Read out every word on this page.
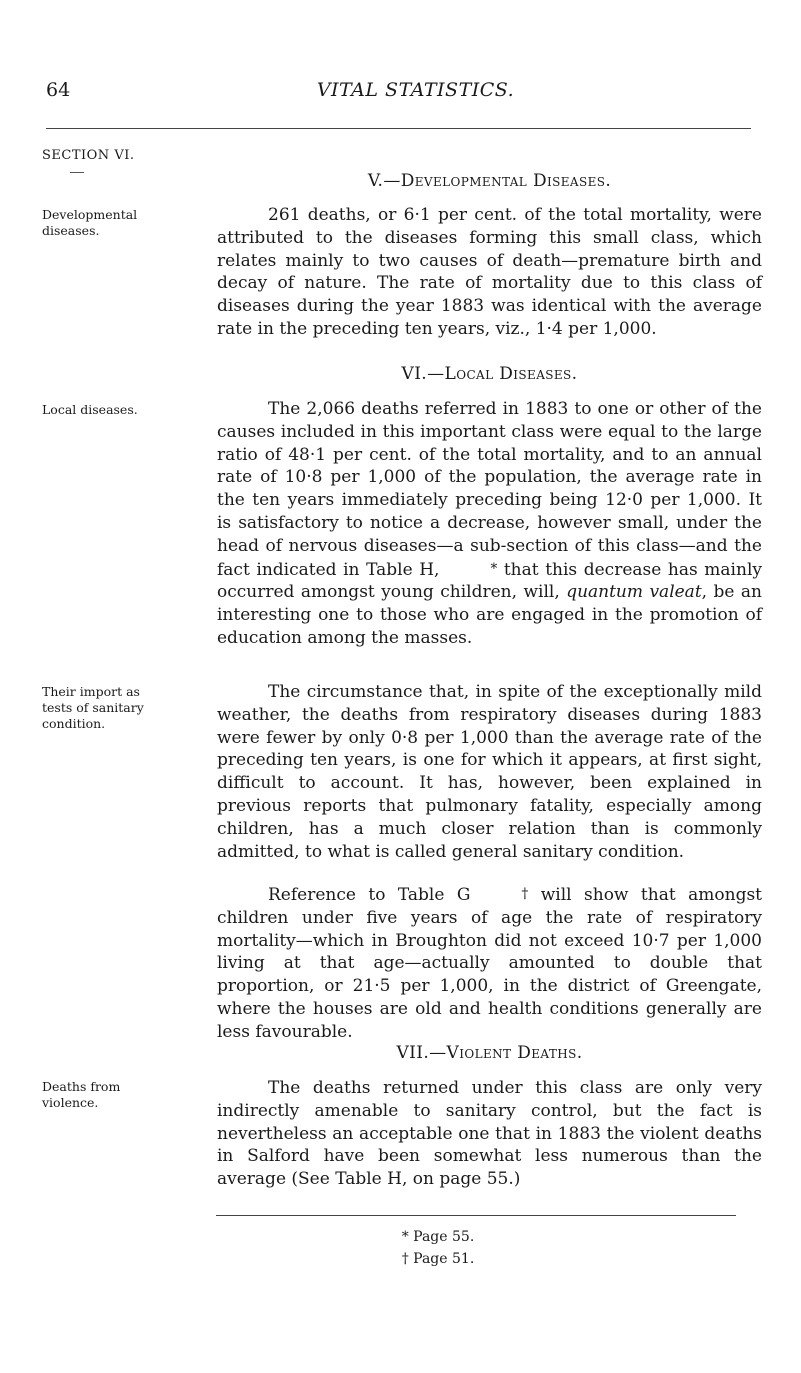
64	VITAL STATISTICS.
SECTION VI.
V.—Developmental Diseases.
Developmental diseases.

261 deaths, or 6·1 per cent. of the total mortality, were attributed to the diseases forming this small class, which relates mainly to two causes of death—premature birth and decay of nature. The rate of mortality due to this class of diseases during the year 1883 was identical with the average rate in the preceding ten years, viz., 1·4 per 1,000.

VI.—Local Diseases.
Local diseases.	The 2,066 deaths referred in 1883 to one or other of the causes included in this important class were equal to the large ratio of 48·1 per cent. of the total mortality, and to an annual rate of 10·8 per 1,000 of the population, the average rate in the ten years immediately preceding being 12·0 per 1,000. It is satisfactory to notice a decrease, however small, under the head of nervous diseases—a sub-section of this class—and the fact indicated in Table H,	* that this decrease has mainly occurred amongst young children, will, quantum valeat, be an interesting one to those who are engaged in the promotion of education among the masses.

Their import as tests of sanitary condition.

The circumstance that, in spite of the exceptionally mild weather, the deaths from respiratory diseases during 1883 were fewer by only 0·8 per 1,000 than the average rate of the preceding ten years, is one for which it appears, at first sight, difficult to account. It has, however, been explained in previous reports that pulmonary fatality, especially among children, has a much closer relation than is commonly admitted, to what is called general sanitary condition.

Reference to Table G	† will show that amongst children under five years of age the rate of respiratory mortality—which in Broughton did not exceed 10·7 per 1,000 living at that age—actually amounted to double that proportion, or 21·5 per 1,000, in the district of Greengate, where the houses are old and health conditions generally are less favourable.

VII.—Violent Deaths.
Deaths from violence.

The deaths returned under this class are only very indirectly amenable to sanitary control, but the fact is nevertheless an acceptable one that in 1883 the violent deaths in Salford have been somewhat less numerous than the average (See Table H, on page 55.)

* Page 55.
† Page 51.
